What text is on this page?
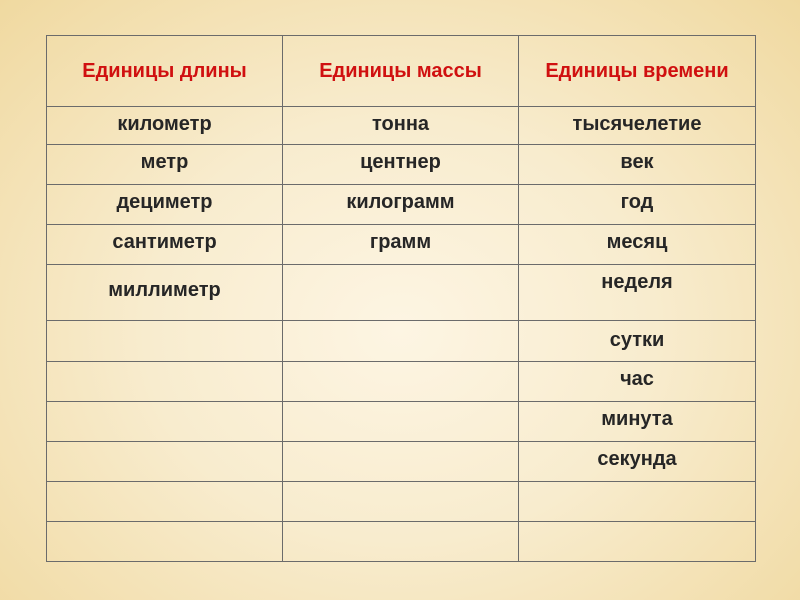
Единицы длины	Единицы массы	Единицы времени
километр	тонна	тысячелетие
метр	центнер	век
дециметр	килограмм	год
сантиметр	грамм	месяц
миллиметр		неделя
		сутки
		час
		минута
		секунда
